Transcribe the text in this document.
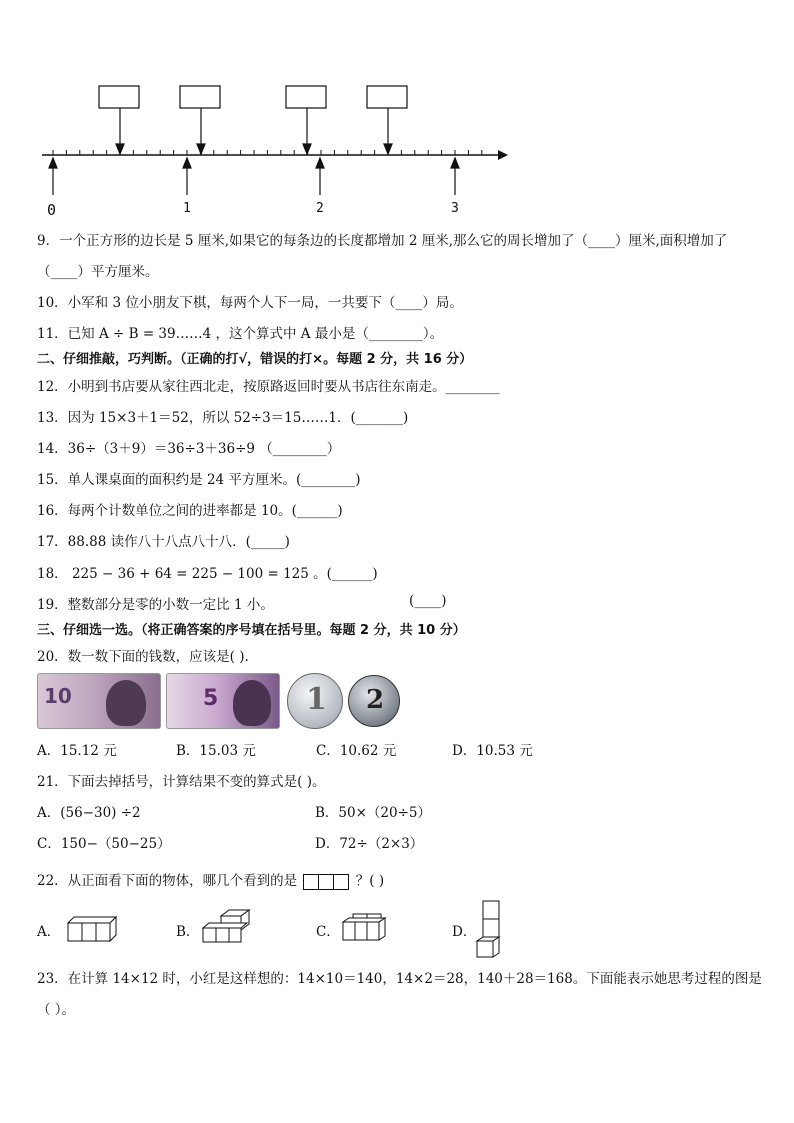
0	1	2	3
9．一个正方形的边长是 5 厘米,如果它的每条边的长度都增加 2 厘米,那么它的周长增加了（____）厘米,面积增加了
（____）平方厘米。
10．小军和 3 位小朋友下棋，每两个人下一局，一共要下（____）局。
11．已知 A ÷ B = 39……4 ，这个算式中 A 最小是（________）。
二、仔细推敲，巧判断。（正确的打√，错误的打×。每题 2 分，共 16 分）
12．小明到书店要从家往西北走，按原路返回时要从书店往东南走。________
13．因为 15×3＋1＝52，所以 52÷3＝15……1．(_______)
14．36÷（3＋9）＝36÷3＋36÷9 （________）
15．单人课桌面的面积约是 24 平方厘米。(________)
16．每两个计数单位之间的进率都是 10。(______)
17．88.88 读作八十八点八十八．(_____)
18． 225 − 36 + 64 = 225 − 100 = 125 。(______)
19．整数部分是零的小数一定比 1 小。	(____)
三、仔细选一选。（将正确答案的序号填在括号里。每题 2 分，共 10 分）
20．数一数下面的钱数，应该是( ).
10	5	1 2
A．15.12 元	B．15.03 元	C．10.62 元	D．10.53 元
21．下面去掉括号，计算结果不变的算式是( )。
A．(56−30) ÷2	B．50×（20÷5）
C．150−（50−25）	D．72÷（2×3）
22．从正面看下面的物体，哪几个看到的是	？( )
A．	B．	C．	D．
23．在计算 14×12 时，小红是这样想的：14×10＝140，14×2＝28，140＋28＝168。下面能表示她思考过程的图是
（ ）。
